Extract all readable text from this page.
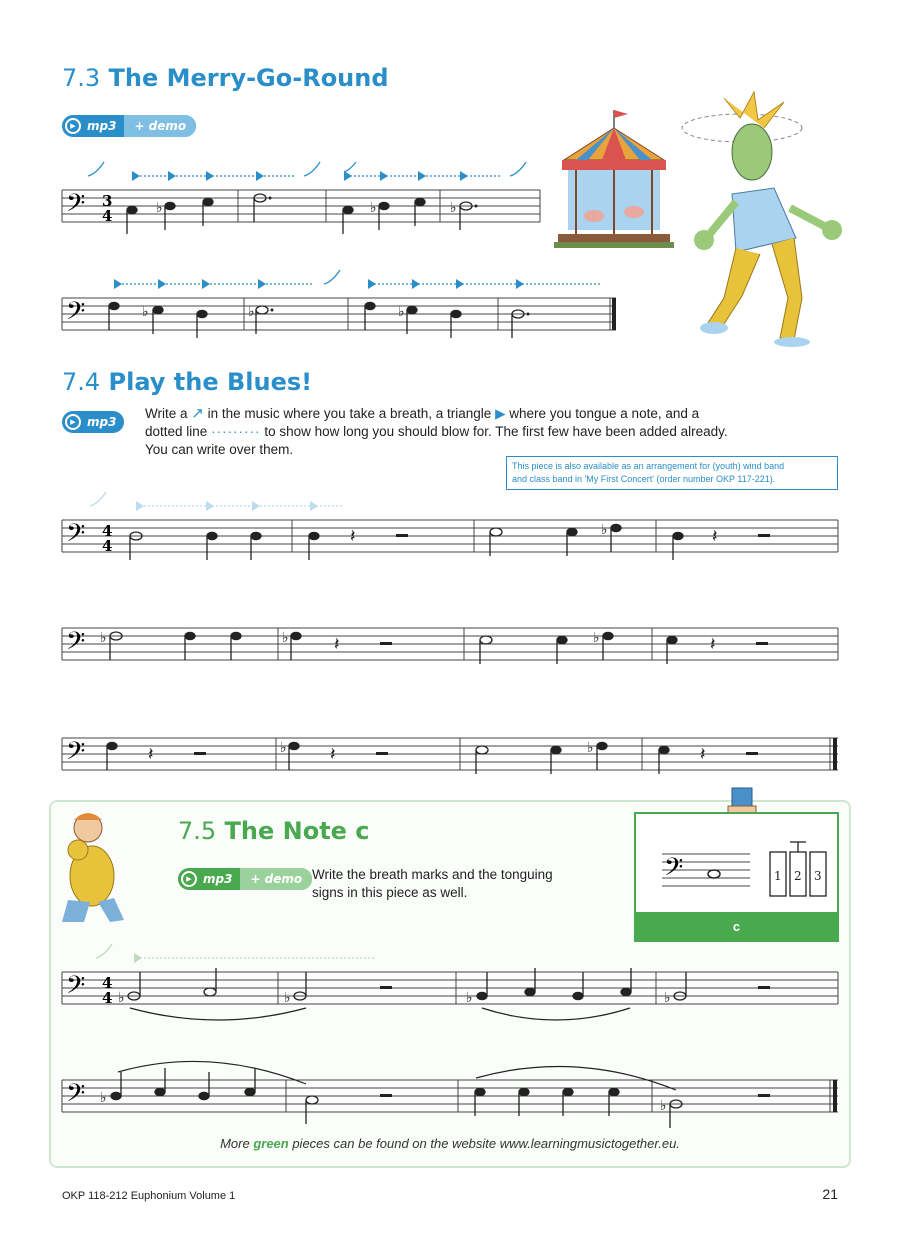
7.3 The Merry-Go-Round
▶ mp3	+ demo
𝄢 3
4	♭	♭	♭
𝄢	♭	♭	♭
7.4 Play the Blues!
▶ mp3
Write a ↗ in the music where you take a breath, a triangle ▶ where you tongue a note, and a
dotted line ········· to show how long you should blow for. The first few have been added already.
You can write over them.
This piece is also available as an arrangement for (youth) wind band
and class band in 'My First Concert' (order number OKP 117-221).
𝄢 4
4
♭
𝄽	𝄽
𝄢 ♭	♭	♭
𝄽	𝄽
𝄢	♭	♭
𝄽	𝄽	𝄽
7.5 The Note c
▶ mp3	+ demo Write the breath marks and the tonguing
signs in this piece as well.
𝄢	1 2 3
c
𝄢 4
4 ♭	♭	♭	♭
𝄢 ♭	♭
More green pieces can be found on the website www.learningmusictogether.eu.
OKP 118-212 Euphonium Volume 1	21
